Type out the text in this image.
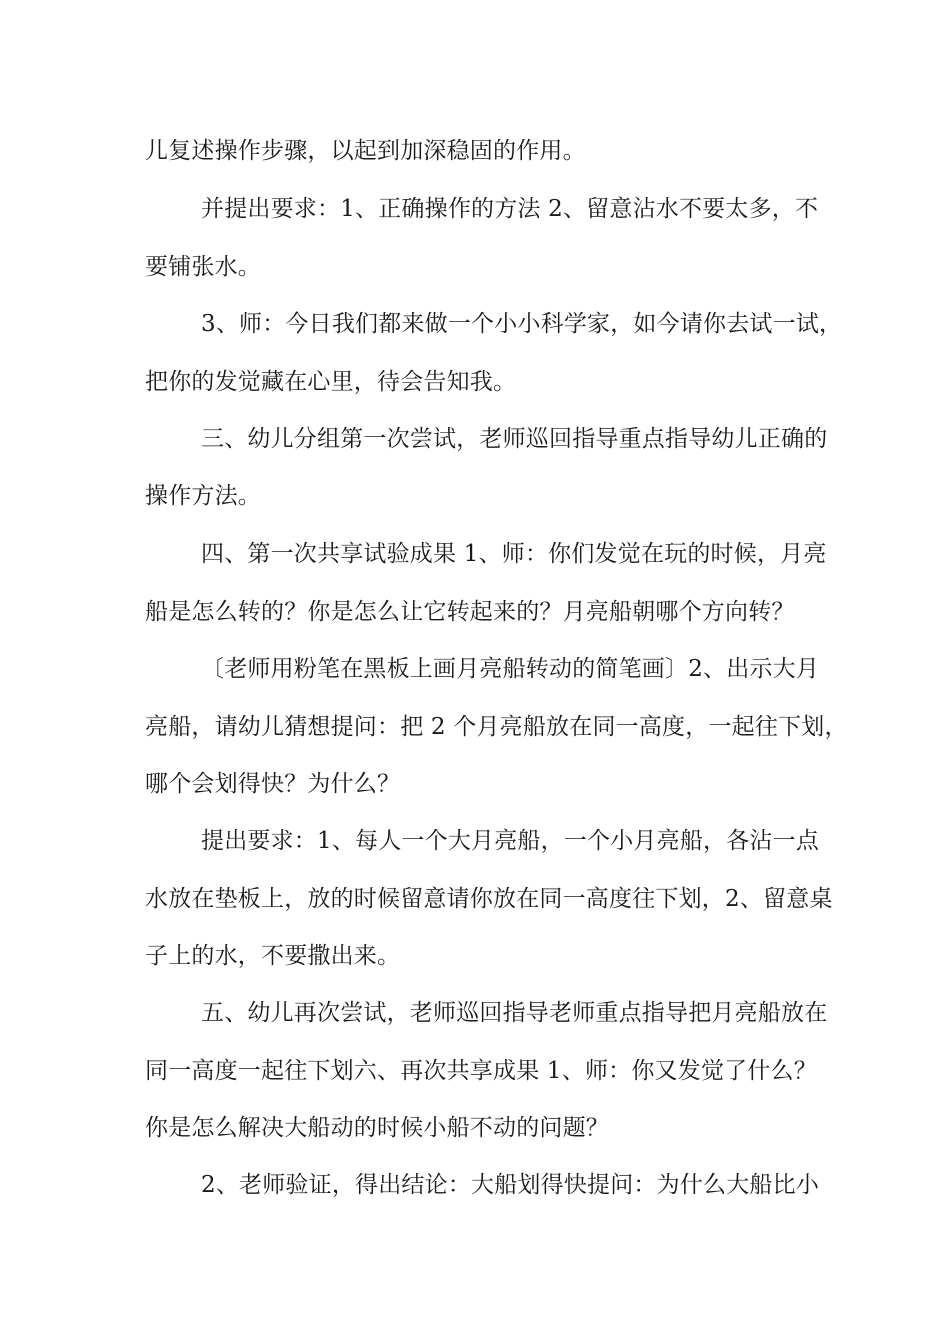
儿复述操作步骤，以起到加深稳固的作用。
并提出要求：1、正确操作的方法 2、留意沾水不要太多，不
要铺张水。
3、师：今日我们都来做一个小小科学家，如今请你去试一试，
把你的发觉藏在心里，待会告知我。
三、幼儿分组第一次尝试，老师巡回指导重点指导幼儿正确的
操作方法。
四、第一次共享试验成果 1、师：你们发觉在玩的时候，月亮
船是怎么转的？你是怎么让它转起来的？月亮船朝哪个方向转？
〔老师用粉笔在黑板上画月亮船转动的简笔画〕2、出示大月
亮船，请幼儿猜想提问：把 2 个月亮船放在同一高度，一起往下划，
哪个会划得快？为什么？
提出要求：1、每人一个大月亮船，一个小月亮船，各沾一点
水放在垫板上，放的时候留意请你放在同一高度往下划，2、留意桌
子上的水，不要撒出来。
五、幼儿再次尝试，老师巡回指导老师重点指导把月亮船放在
同一高度一起往下划六、再次共享成果 1、师：你又发觉了什么？
你是怎么解决大船动的时候小船不动的问题？
2、老师验证，得出结论：大船划得快提问：为什么大船比小
